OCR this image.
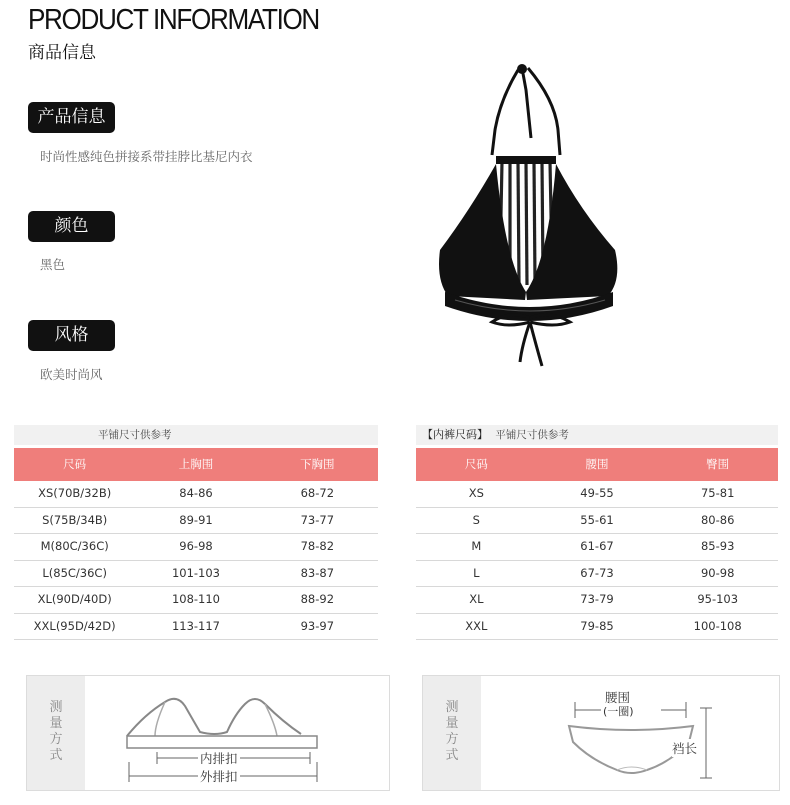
PRODUCT INFORMATION
商品信息
产品信息
时尚性感纯色拼接系带挂脖比基尼内衣
颜色
黑色
风格
欧美时尚风
平铺尺寸供参考
尺码	上胸围	下胸围
XS(70B/32B)	84-86	68-72
S(75B/34B)	89-91	73-77
M(80C/36C)	96-98	78-82
L(85C/36C)	101-103	83-87
XL(90D/40D)	108-110	88-92
XXL(95D/42D)	113-117	93-97
【内裤尺码】 平铺尺寸供参考
尺码	腰围	臀围
XS	49-55	75-81
S	55-61	80-86
M	61-67	85-93
L	67-73	90-98
XL	73-79	95-103
XXL	79-85	100-108
测量方式	内排扣
外排扣
测量方式
腰围
(一圈)
裆长
